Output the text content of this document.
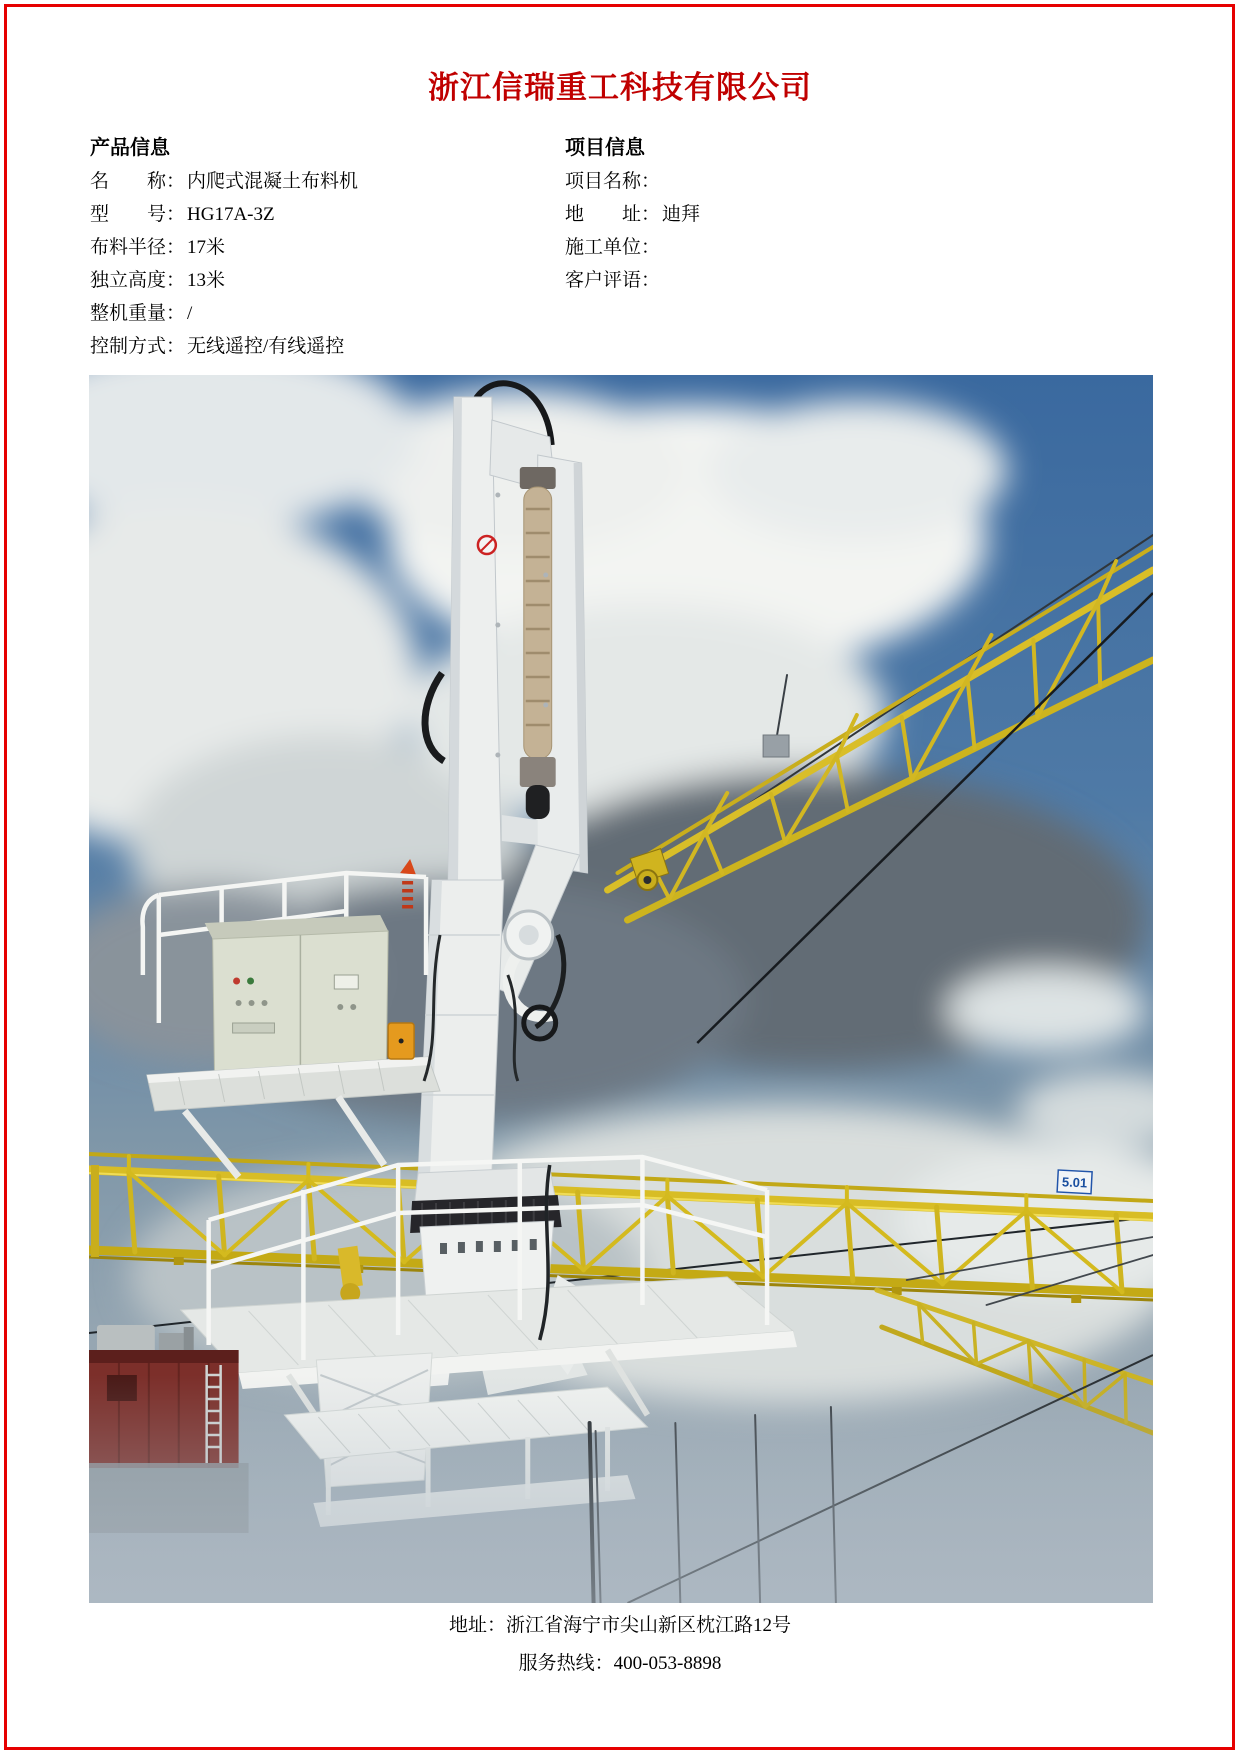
浙江信瑞重工科技有限公司
产品信息
名　　称： 内爬式混凝土布料机
型　　号： HG17A-3Z
布料半径： 17米
独立高度： 13米
整机重量： /
控制方式： 无线遥控/有线遥控
项目信息
项目名称：
地　　址： 迪拜
施工单位：
客户评语：
5.01
地址：浙江省海宁市尖山新区枕江路12号
服务热线：400-053-8898
